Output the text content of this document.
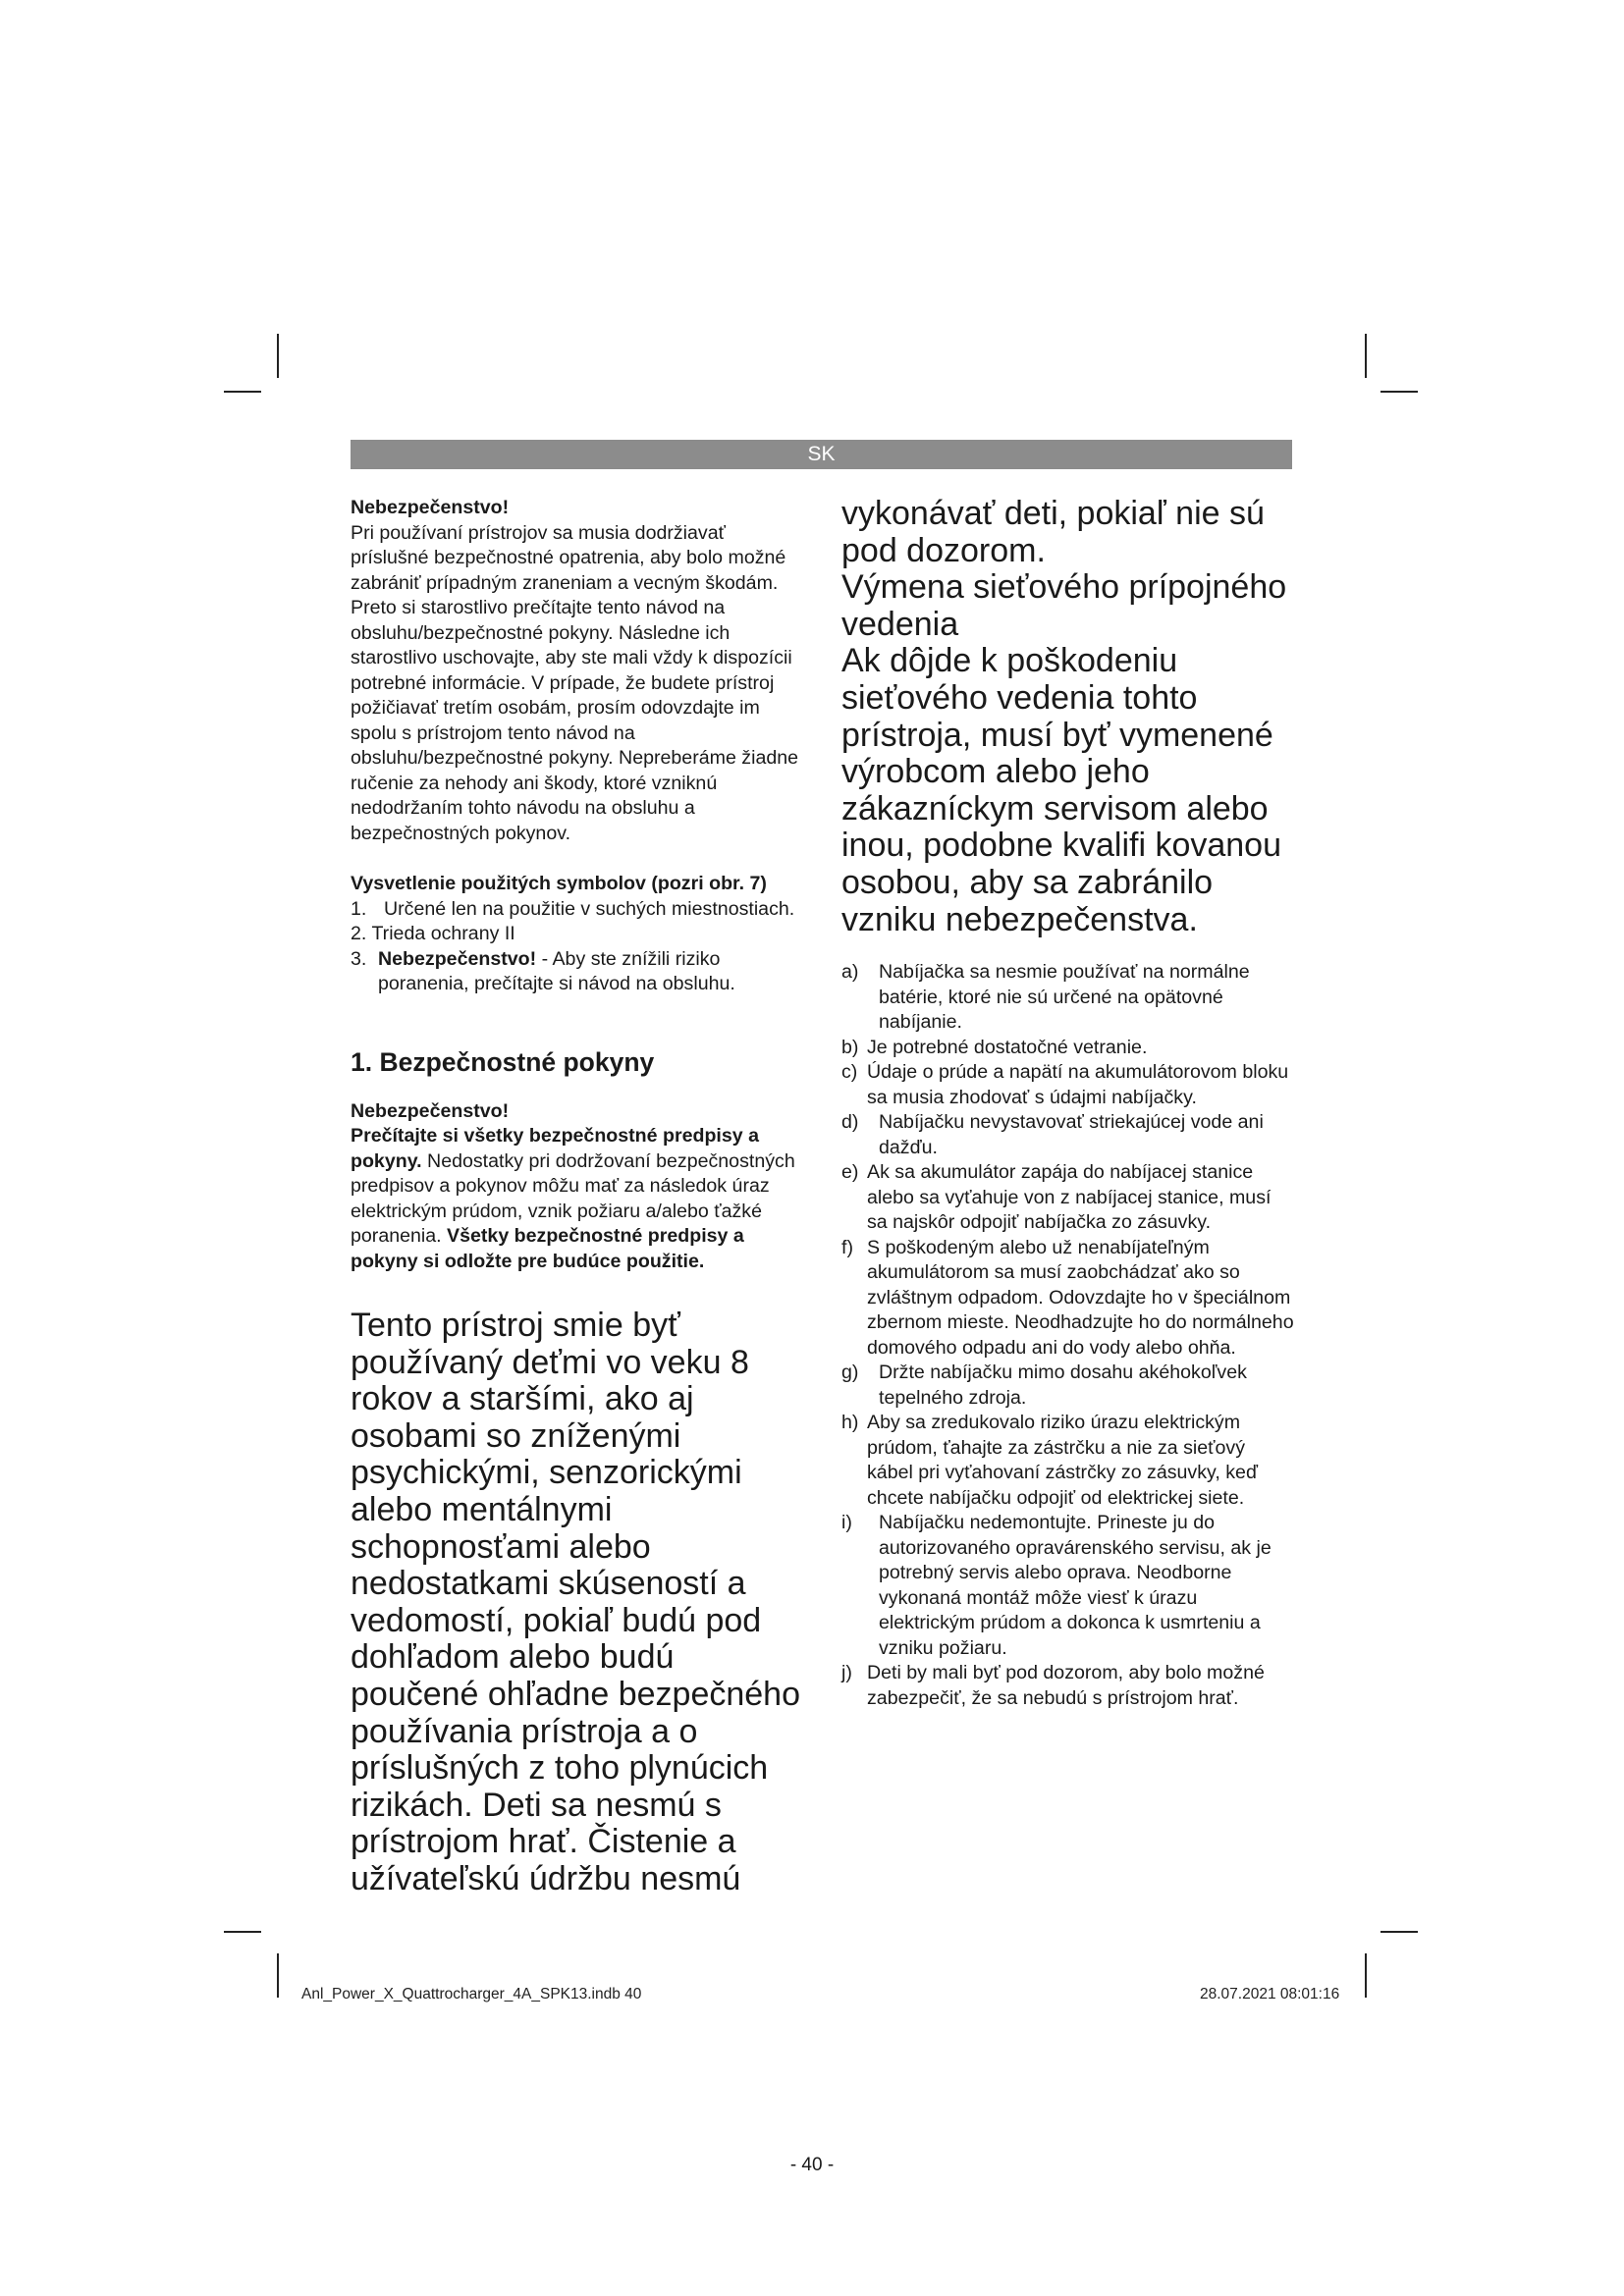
SK

Nebezpečenstvo!

Pri používaní prístrojov sa musia dodržiavať príslušné bezpečnostné opatrenia, aby bolo možné zabrániť prípadným zraneniam a vecným škodám. Preto si starostlivo prečítajte tento návod na obsluhu/bezpečnostné pokyny. Následne ich starostlivo uschovajte, aby ste mali vždy k dispozícii potrebné informácie. V prípade, že budete prístroj požičiavať tretím osobám, prosím odovzdajte im spolu s prístrojom tento návod na obsluhu/bezpečnostné pokyny. Nepreberáme žiadne ručenie za nehody ani škody, ktoré vzniknú nedodržaním tohto návodu na obsluhu a bezpečnostných pokynov.

Vysvetlenie použitých symbolov (pozri obr. 7)

1. Určené len na použitie v suchých miestnostiach.
2. Trieda ochrany II
3. Nebezpečenstvo! - Aby ste znížili riziko poranenia, prečítajte si návod na obsluhu.
1. Bezpečnostné pokyny

Nebezpečenstvo!

Prečítajte si všetky bezpečnostné predpisy a pokyny. Nedostatky pri dodržovaní bezpečnostných predpisov a pokynov môžu mať za následok úraz elektrickým prúdom, vznik požiaru a/alebo ťažké poranenia. Všetky bezpečnostné predpisy a pokyny si odložte pre budúce použitie.

Tento prístroj smie byť používaný deťmi vo veku 8 rokov a staršími, ako aj osobami so zníženými psychickými, senzorickými alebo mentálnymi schopnosťami alebo nedostatkami skúseností a vedomostí, pokiaľ budú pod dohľadom alebo budú poučené ohľadne bezpečného používania prístroja a o príslušných z toho plynúcich rizikách. Deti sa nesmú s prístrojom hrať. Čistenie a užívateľskú údržbu nesmú

vykonávať deti, pokiaľ nie sú pod dozorom.

Výmena sieťového prípojného vedenia

Ak dôjde k poškodeniu sieťového vedenia tohto prístroja, musí byť vymenené výrobcom alebo jeho zákazníckym servisom alebo inou, podobne kvalifi kovanou osobou, aby sa zabránilo vzniku nebezpečenstva.

a)	Nabíjačka sa nesmie používať na normálne batérie, ktoré nie sú určené na opätovné nabíjanie.
b) Je potrebné dostatočné vetranie.
c) Údaje o prúde a napätí na akumulátorovom bloku sa musia zhodovať s údajmi nabíjačky.
d)	Nabíjačku nevystavovať striekajúcej vode ani dažďu.
e) Ak sa akumulátor zapája do nabíjacej stanice alebo sa vyťahuje von z nabíjacej stanice, musí sa najskôr odpojiť nabíjačka zo zásuvky.
f) S poškodeným alebo už nenabíjateľným akumulátorom sa musí zaobchádzať ako so zvláštnym odpadom. Odovzdajte ho v špeciálnom zbernom mieste. Neodhadzujte ho do normálneho domového odpadu ani do vody alebo ohňa.
g)	Držte nabíjačku mimo dosahu akéhokoľvek tepelného zdroja.
h) Aby sa zredukovalo riziko úrazu elektrickým prúdom, ťahajte za zástrčku a nie za sieťový kábel pri vyťahovaní zástrčky zo zásuvky, keď chcete nabíjačku odpojiť od elektrickej siete.
i)	Nabíjačku nedemontujte. Prineste ju do autorizovaného opravárenského servisu, ak je potrebný servis alebo oprava. Neodborne vykonaná montáž môže viesť k úrazu elektrickým prúdom a dokonca k usmrteniu a vzniku požiaru.
j) Deti by mali byť pod dozorom, aby bolo možné zabezpečiť, že sa nebudú s prístrojom hrať.
- 40 -
Anl_Power_X_Quattrocharger_4A_SPK13.indb 40	28.07.2021 08:01:16
